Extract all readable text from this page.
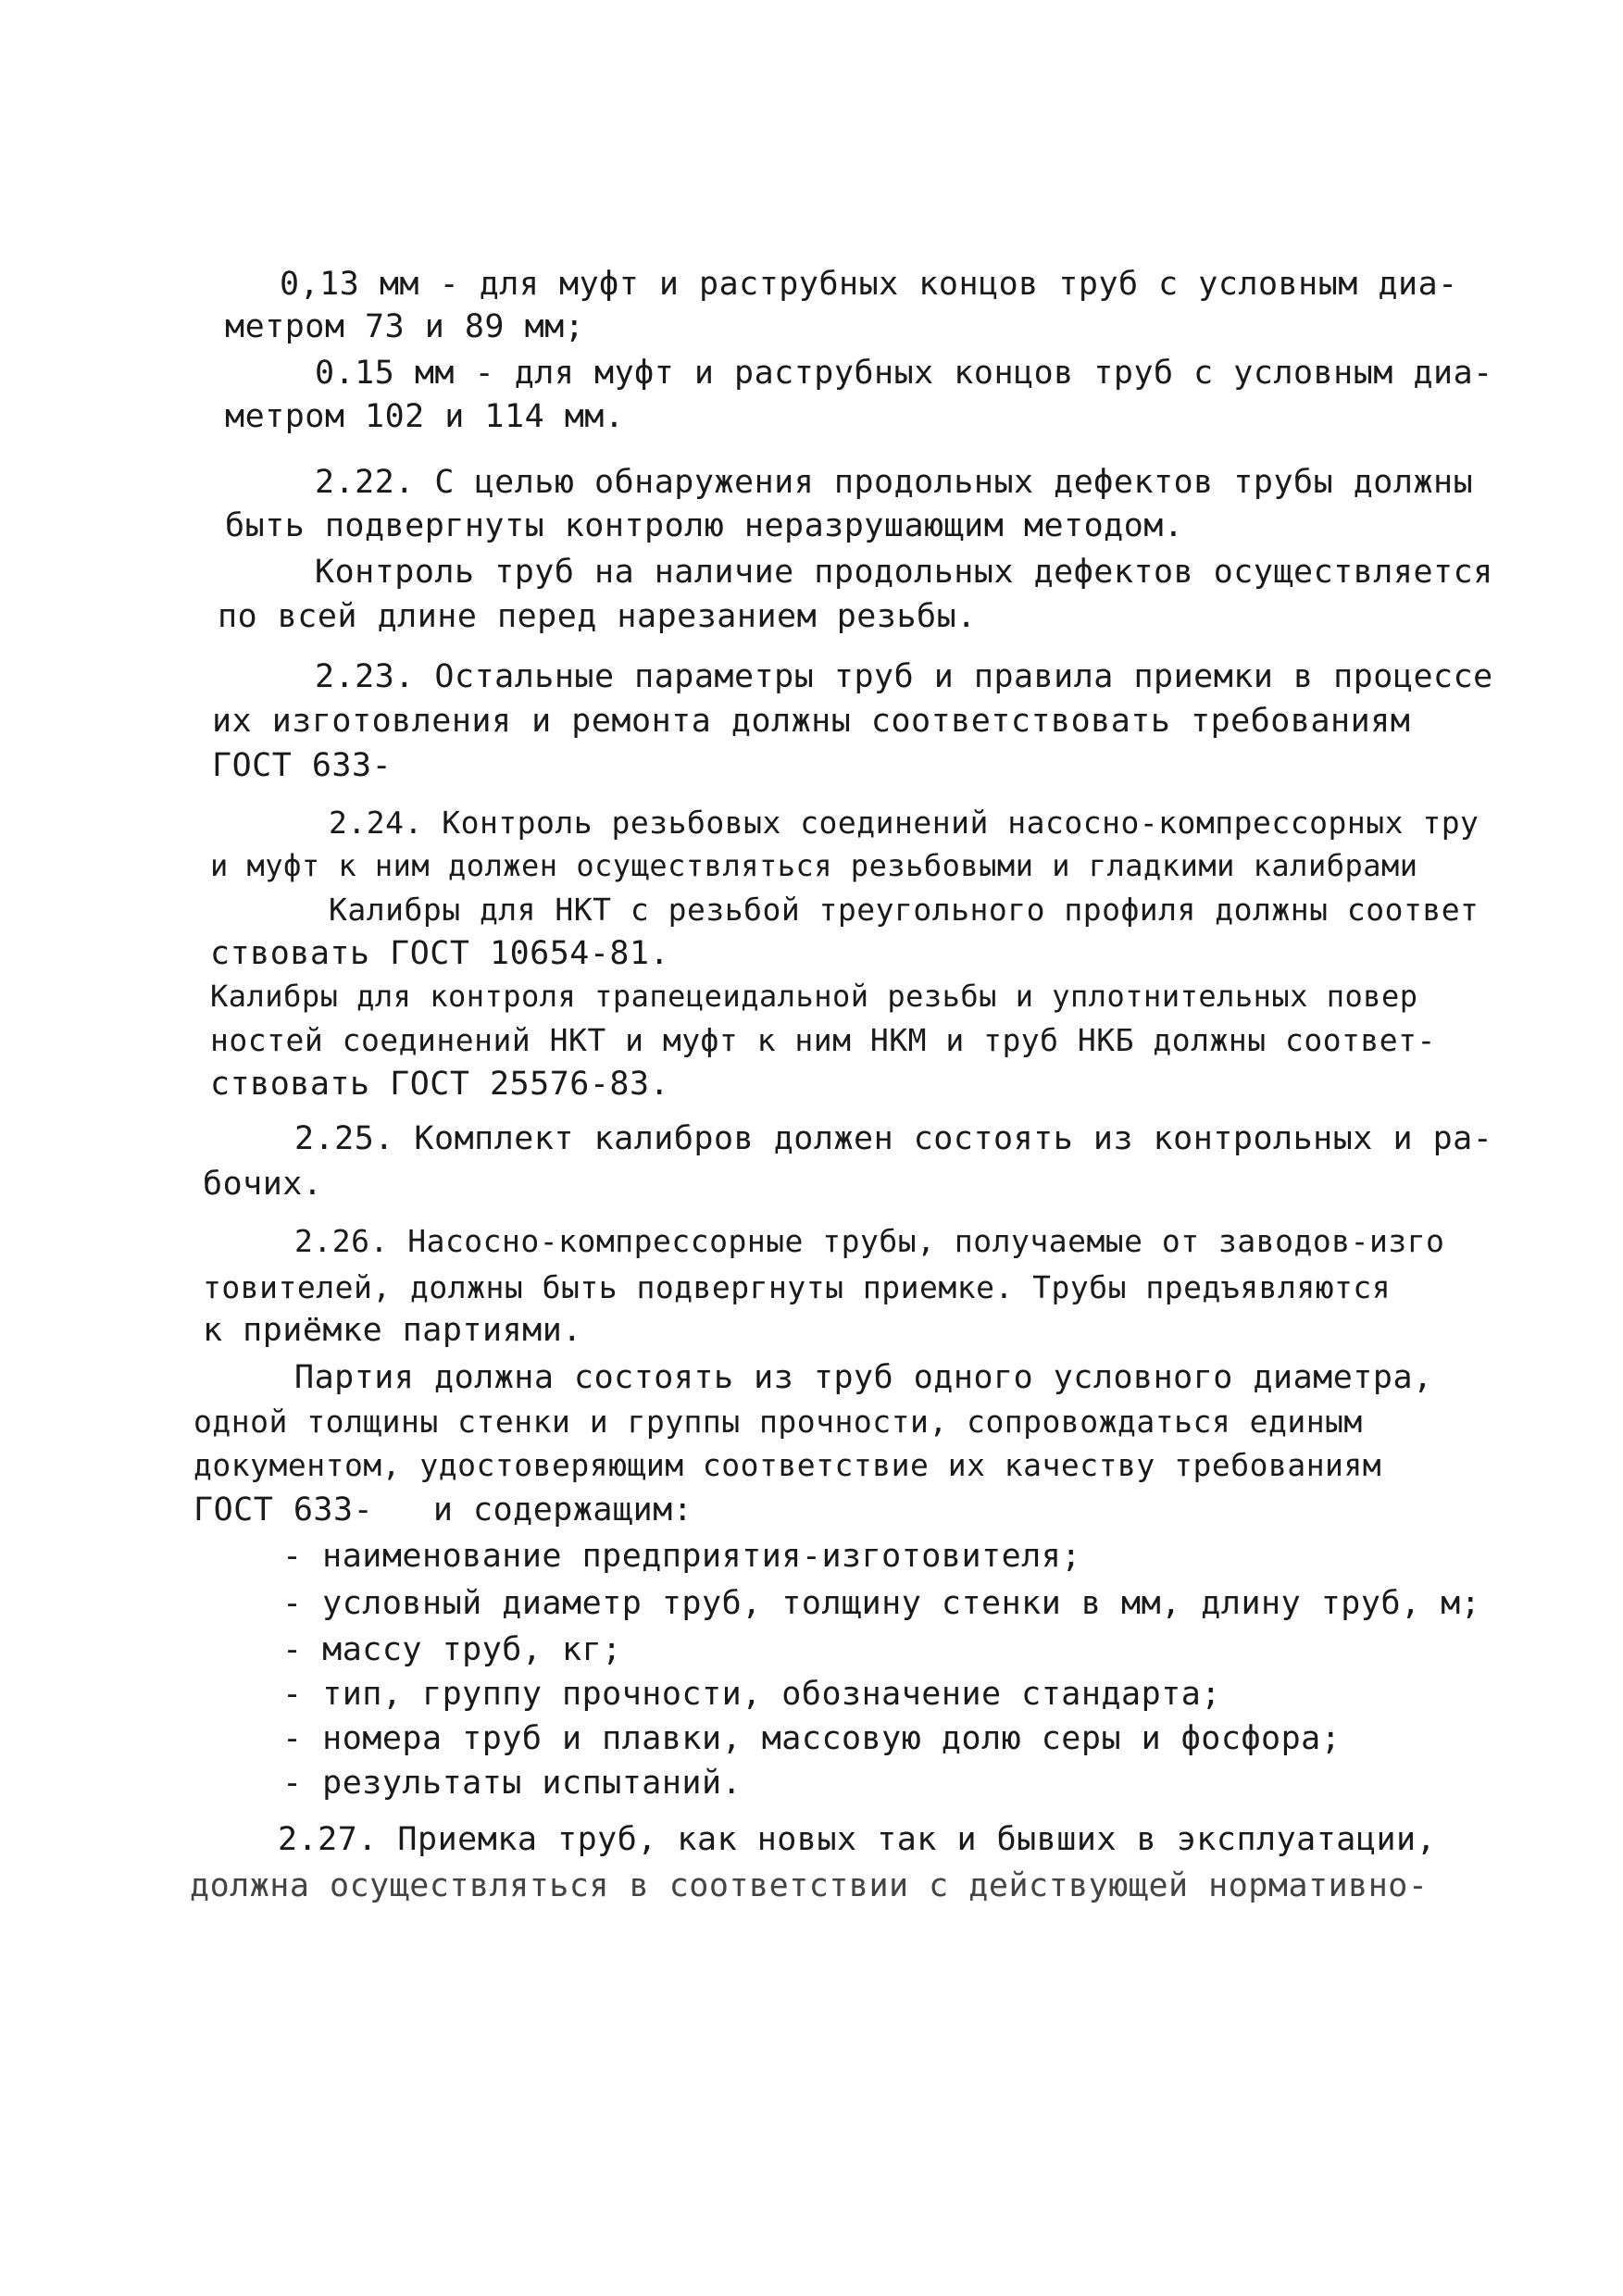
0,13 мм - для муфт и раструбных концов труб с условным диа-
метром 73 и 89 мм;
0.15 мм - для муфт и раструбных концов труб с условным диа-
метром 102 и 114 мм.
2.22. С целью обнаружения продольных дефектов трубы должны
быть подвергнуты контролю неразрушающим методом.
Контроль труб на наличие продольных дефектов осуществляется
по всей длине перед нарезанием резьбы.
2.23. Остальные параметры труб и правила приемки в процессе
их изготовления и ремонта должны соответствовать требованиям
ГОСТ 633-
2.24. Контроль резьбовых соединений насосно-компрессорных тру
и муфт к ним должен осуществляться резьбовыми и гладкими калибрами
Калибры для НКТ с резьбой треугольного профиля должны соответ
ствовать ГОСТ 10654-81.
Калибры для контроля трапецеидальной резьбы и уплотнительных повер
ностей соединений НКТ и муфт к ним НКМ и труб НКБ должны соответ-
ствовать ГОСТ 25576-83.
2.25. Комплект калибров должен состоять из контрольных и ра-
бочих.
2.26. Насосно-компрессорные трубы, получаемые от заводов-изго
товителей, должны быть подвергнуты приемке. Трубы предъявляются
к приёмке партиями.
Партия должна состоять из труб одного условного диаметра,
одной толщины стенки и группы прочности, сопровождаться единым
документом, удостоверяющим соответствие их качеству требованиям
ГОСТ 633-   и содержащим:
- наименование предприятия-изготовителя;
- условный диаметр труб, толщину стенки в мм, длину труб, м;
- массу труб, кг;
- тип, группу прочности, обозначение стандарта;
- номера труб и плавки, массовую долю серы и фосфора;
- результаты испытаний.
2.27. Приемка труб, как новых так и бывших в эксплуатации,
должна осуществляться в соответствии с действующей нормативно-
